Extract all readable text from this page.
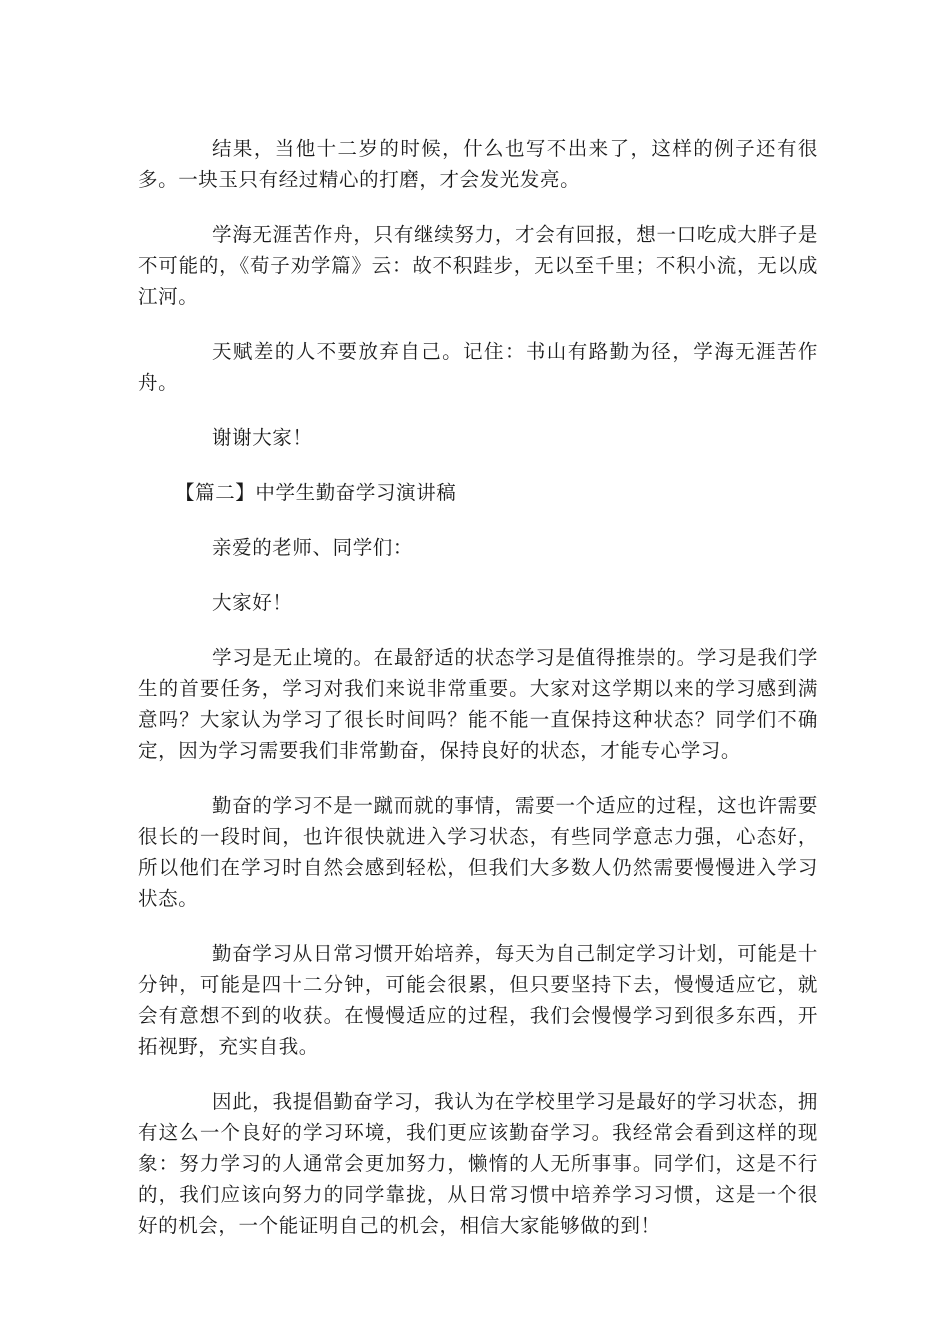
结果，当他十二岁的时候，什么也写不出来了，这样的例子还有很多。一块玉只有经过精心的打磨，才会发光发亮。

学海无涯苦作舟，只有继续努力，才会有回报，想一口吃成大胖子是不可能的，《荀子劝学篇》云：故不积跬步，无以至千里；不积小流，无以成江河。

天赋差的人不要放弃自己。记住：书山有路勤为径，学海无涯苦作舟。

谢谢大家！

【篇二】中学生勤奋学习演讲稿

亲爱的老师、同学们：

大家好！

学习是无止境的。在最舒适的状态学习是值得推崇的。学习是我们学生的首要任务，学习对我们来说非常重要。大家对这学期以来的学习感到满意吗？大家认为学习了很长时间吗？能不能一直保持这种状态？同学们不确定，因为学习需要我们非常勤奋，保持良好的状态，才能专心学习。

勤奋的学习不是一蹴而就的事情，需要一个适应的过程，这也许需要很长的一段时间，也许很快就进入学习状态，有些同学意志力强，心态好，所以他们在学习时自然会感到轻松，但我们大多数人仍然需要慢慢进入学习状态。

勤奋学习从日常习惯开始培养，每天为自己制定学习计划，可能是十分钟，可能是四十二分钟，可能会很累，但只要坚持下去，慢慢适应它，就会有意想不到的收获。在慢慢适应的过程，我们会慢慢学习到很多东西，开拓视野，充实自我。

因此，我提倡勤奋学习，我认为在学校里学习是最好的学习状态，拥有这么一个良好的学习环境，我们更应该勤奋学习。我经常会看到这样的现象：努力学习的人通常会更加努力，懒惰的人无所事事。同学们，这是不行的，我们应该向努力的同学靠拢，从日常习惯中培养学习习惯，这是一个很好的机会，一个能证明自己的机会，相信大家能够做的到！
